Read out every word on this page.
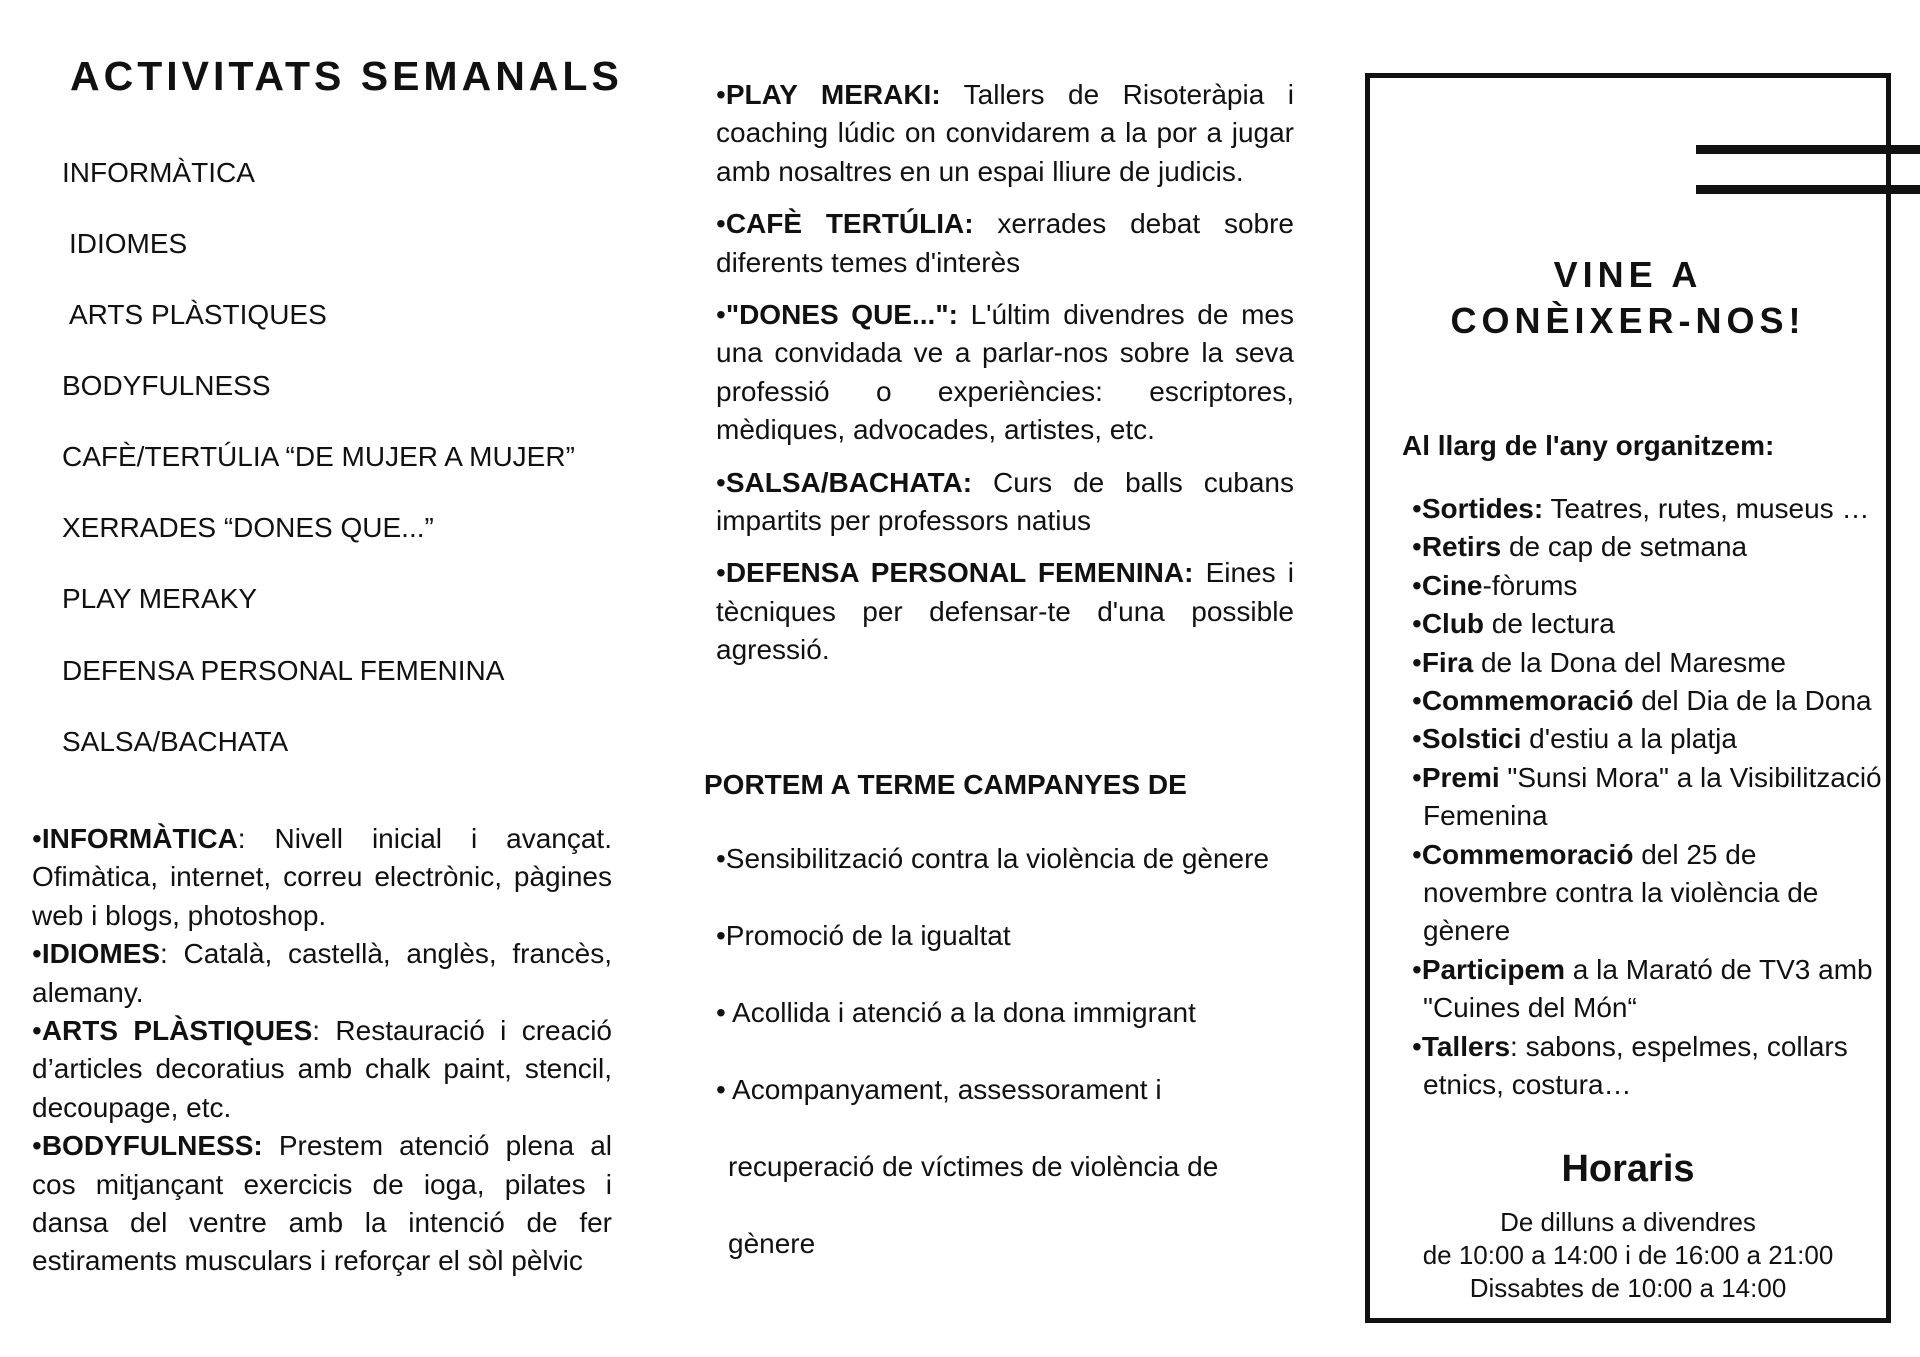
ACTIVITATS SEMANALS
INFORMÀTICA
IDIOMES
ARTS PLÀSTIQUES
BODYFULNESS
CAFÈ/TERTÚLIA “DE MUJER A MUJER”
XERRADES “DONES QUE...”
PLAY MERAKY
DEFENSA PERSONAL FEMENINA
SALSA/BACHATA

•INFORMÀTICA: Nivell inicial i avançat. Ofimàtica, internet, correu electrònic, pàgines web i blogs, photoshop.

•IDIOMES: Català, castellà, anglès, francès, alemany.

•ARTS PLÀSTIQUES: Restauració i creació d’articles decoratius amb chalk paint, stencil, decoupage, etc.

•BODYFULNESS: Prestem atenció plena al cos mitjançant exercicis de ioga, pilates i dansa del ventre amb la intenció de fer estiraments musculars i reforçar el sòl pèlvic

•PLAY MERAKI: Tallers de Risoteràpia i coaching lúdic on convidarem a la por a jugar amb nosaltres en un espai lliure de judicis.

•CAFÈ TERTÚLIA: xerrades debat sobre diferents temes d'interès

•"DONES QUE...": L'últim divendres de mes una convidada ve a parlar-nos sobre la seva professió o experiències: escriptores, mèdiques, advocades, artistes, etc.

•SALSA/BACHATA: Curs de balls cubans impartits per professors natius

•DEFENSA PERSONAL FEMENINA: Eines i tècniques per defensar-te d'una possible agressió.

PORTEM A TERME CAMPANYES DE
•Sensibilització contra la violència de gènere
•Promoció de la igualtat
• Acollida i atenció a la dona immigrant
• Acompanyament, assessorament i
recuperació de víctimes de violència de
gènere
VINE A
CONÈIXER-NOS!
Al llarg de l'any organitzem:
•Sortides: Teatres, rutes, museus …
•Retirs de cap de setmana
•Cine-fòrums
•Club de lectura
•Fira de la Dona del Maresme
•Commemoració del Dia de la Dona
•Solstici d'estiu a la platja
•Premi "Sunsi Mora" a la Visibilització Femenina
•Commemoració del 25 de novembre contra la violència de gènere
•Participem a la Marató de TV3 amb "Cuines del Món“
•Tallers: sabons, espelmes, collars etnics, costura…
Horaris
De dilluns a divendres
de 10:00 a 14:00 i de 16:00 a 21:00
Dissabtes de 10:00 a 14:00
